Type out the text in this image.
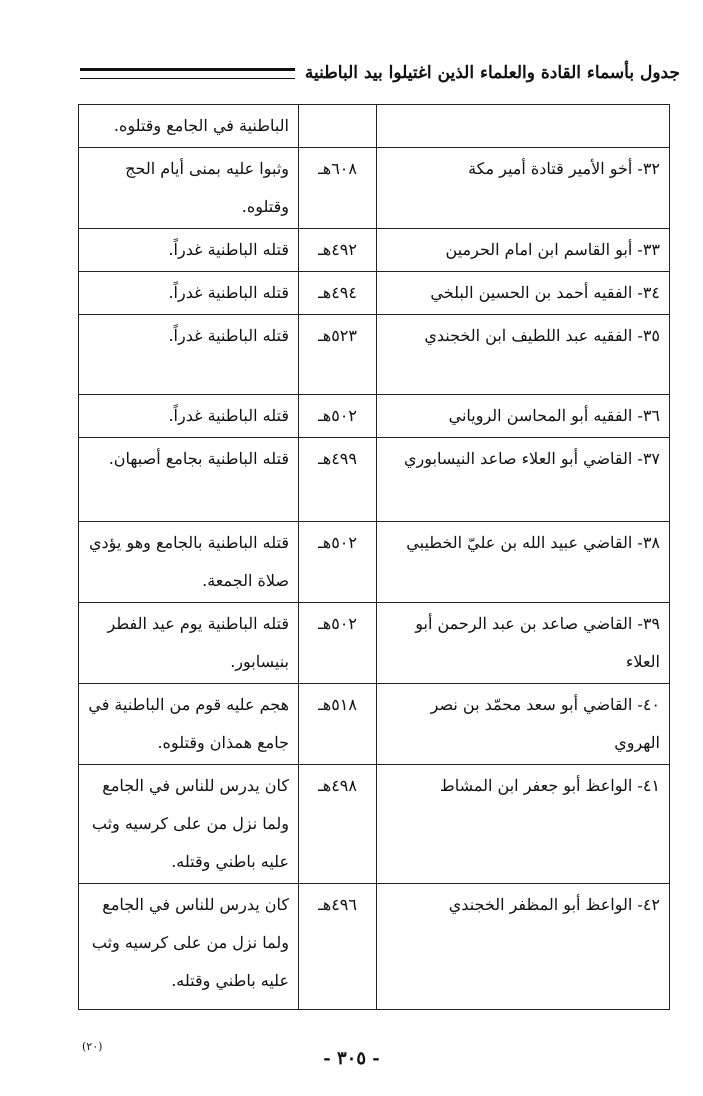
جدول بأسماء القادة والعلماء الذين اغتيلوا بيد الباطنية
		الباطنية في الجامع وقتلوه.
٣٢- أخو الأمير قتادة أمير مكة	٦٠٨هـ	وثبوا عليه بمنى أيام الحج وقتلوه.
٣٣- أبو القاسم ابن امام الحرمين	٤٩٢هـ	قتله الباطنية غدراً.
٣٤- الفقيه أحمد بن الحسين البلخي	٤٩٤هـ	قتله الباطنية غدراً.
٣٥- الفقيه عبد اللطيف ابن الخجندي	٥٢٣هـ	قتله الباطنية غدراً.
٣٦- الفقيه أبو المحاسن الروياني	٥٠٢هـ	قتله الباطنية غدراً.
٣٧- القاضي أبو العلاء صاعد النيسابوري	٤٩٩هـ	قتله الباطنية بجامع أصبهان.
٣٨- القاضي عبيد الله بن عليّ الخطيبي	٥٠٢هـ	قتله الباطنية بالجامع وهو يؤدي صلاة الجمعة.
٣٩- القاضي صاعد بن عبد الرحمن أبو العلاء	٥٠٢هـ	قتله الباطنية يوم عيد الفطر بنيسابور.
٤٠- القاضي أبو سعد محمّد بن نصر الهروي	٥١٨هـ	هجم عليه قوم من الباطنية في جامع همذان وقتلوه.
٤١- الواعظ أبو جعفر ابن المشاط	٤٩٨هـ	كان يدرس للناس في الجامع ولما نزل من على كرسيه وثب عليه باطني وقتله.
٤٢- الواعظ أبو المظفر الخجندي	٤٩٦هـ	كان يدرس للناس في الجامع ولما نزل من على كرسيه وثب عليه باطني وقتله.
(٢٠)
- ٣٠٥ -
